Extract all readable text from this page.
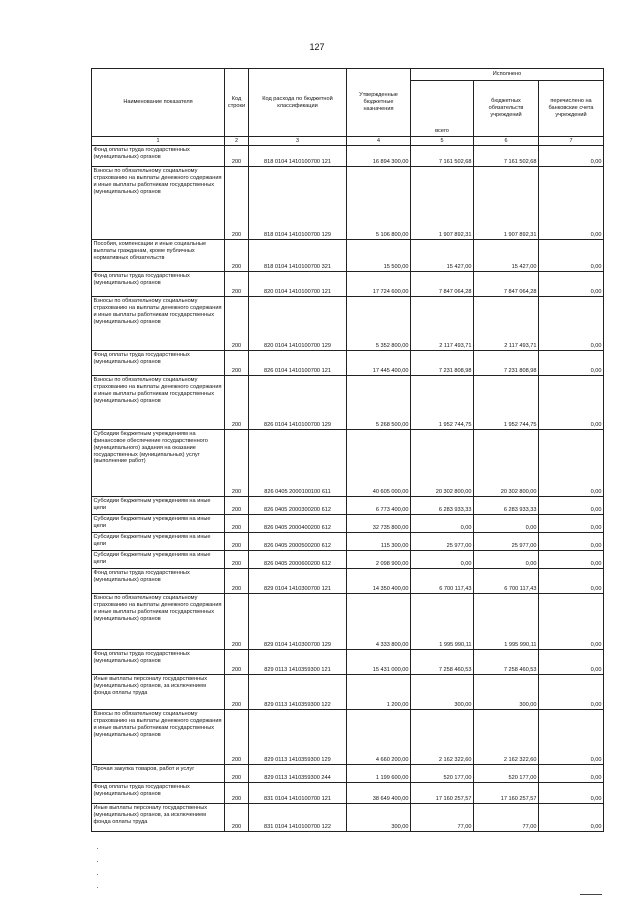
127
Наименование показателя	Код строки	Код расхода по бюджетной классификации	Утвержденные бюджетные назначения	Исполнено		
				всего	бюджетных обязательств учреждений	перечислено на банковские счета учреждений
1	2	3	4	5	6	7
Фонд оплаты труда государственных (муниципальных) органов	200	818 0104 1410100700 121	16 894 300,00	7 161 502,68	7 161 502,68	0,00
Взносы по обязательному социальному страхованию на выплаты денежного содержания и иные выплаты работникам государственных (муниципальных) органов	200	818 0104 1410100700 129	5 106 800,00	1 907 892,31	1 907 892,31	0,00
Пособия, компенсации и иные социальные выплаты гражданам, кроме публичных нормативных обязательств	200	818 0104 1410100700 321	15 500,00	15 427,00	15 427,00	0,00
Фонд оплаты труда государственных (муниципальных) органов	200	820 0104 1410100700 121	17 724 600,00	7 847 064,28	7 847 064,28	0,00
Взносы по обязательному социальному страхованию на выплаты денежного содержания и иные выплаты работникам государственных (муниципальных) органов	200	820 0104 1410100700 129	5 352 800,00	2 117 493,71	2 117 493,71	0,00
Фонд оплаты труда государственных (муниципальных) органов	200	826 0104 1410100700 121	17 445 400,00	7 231 808,98	7 231 808,98	0,00
Взносы по обязательному социальному страхованию на выплаты денежного содержания и иные выплаты работникам государственных (муниципальных) органов	200	826 0104 1410100700 129	5 268 500,00	1 952 744,75	1 952 744,75	0,00
Субсидии бюджетным учреждениям на финансовое обеспечение государственного (муниципального) задания на оказание государственных (муниципальных) услуг (выполнение работ)	200	826 0405 2000100100 611	40 605 000,00	20 302 800,00	20 302 800,00	0,00
Субсидии бюджетным учреждениям на иные цели	200	826 0405 2000300200 612	6 773 400,00	6 283 933,33	6 283 933,33	0,00
Субсидии бюджетным учреждениям на иные цели	200	826 0405 2000400200 612	32 735 800,00	0,00	0,00	0,00
Субсидии бюджетным учреждениям на иные цели	200	826 0405 2000500200 612	115 300,00	25 977,00	25 977,00	0,00
Субсидии бюджетным учреждениям на иные цели	200	826 0405 2000600200 612	2 098 900,00	0,00	0,00	0,00
Фонд оплаты труда государственных (муниципальных) органов	200	829 0104 1410300700 121	14 350 400,00	6 700 117,43	6 700 117,43	0,00
Взносы по обязательному социальному страхованию на выплаты денежного содержания и иные выплаты работникам государственных (муниципальных) органов	200	829 0104 1410300700 129	4 333 800,00	1 995 990,11	1 995 990,11	0,00
Фонд оплаты труда государственных (муниципальных) органов	200	829 0113 1410359300 121	15 431 000,00	7 258 460,53	7 258 460,53	0,00
Иные выплаты персоналу государственных (муниципальных) органов, за исключением фонда оплаты труда	200	829 0113 1410359300 122	1 200,00	300,00	300,00	0,00
Взносы по обязательному социальному страхованию на выплаты денежного содержания и иные выплаты работникам государственных (муниципальных) органов	200	829 0113 1410359300 129	4 660 200,00	2 162 322,60	2 162 322,60	0,00
Прочая закупка товаров, работ и услуг	200	829 0113 1410359300 244	1 199 600,00	520 177,00	520 177,00	0,00
Фонд оплаты труда государственных (муниципальных) органов	200	831 0104 1410100700 121	38 649 400,00	17 160 257,57	17 160 257,57	0,00
Иные выплаты персоналу государственных (муниципальных) органов, за исключением фонда оплаты труда	200	831 0104 1410100700 122	300,00	77,00	77,00	0,00
